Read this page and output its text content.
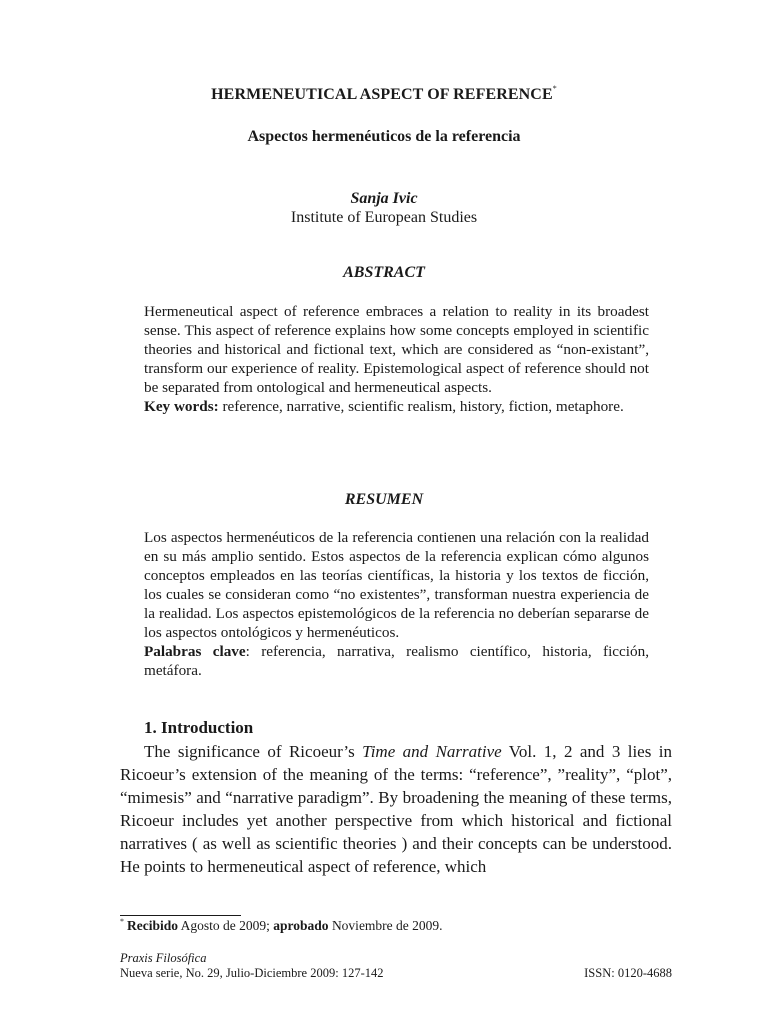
HERMENEUTICAL ASPECT OF REFERENCE*
Aspectos hermenéuticos de la referencia
Sanja Ivic
Institute of European Studies
ABSTRACT

Hermeneutical aspect of reference embraces a relation to reality in its broadest sense. This aspect of reference explains how some concepts employed in scientific theories and historical and fictional text, which are considered as “non-existant”, transform our experience of reality. Epistemological aspect of reference should not be separated from ontological and hermeneutical aspects.

Key words: reference, narrative, scientific realism, history, fiction, metaphore.

RESUMEN

Los aspectos hermenéuticos de la referencia contienen una relación con la realidad en su más amplio sentido. Estos aspectos de la referencia explican cómo algunos conceptos empleados en las teorías científicas, la historia y los textos de ficción, los cuales se consideran como “no existentes”, transforman nuestra experiencia de la realidad. Los aspectos epistemológicos de la referencia no deberían separarse de los aspectos ontológicos y hermenéuticos.

Palabras clave: referencia, narrativa, realismo científico, historia, ficción, metáfora.

1. Introduction

The significance of Ricoeur’s Time and Narrative Vol. 1, 2 and 3 lies in Ricoeur’s extension of the meaning of the terms: “reference”, ”reality”, “plot”, “mimesis” and “narrative paradigm”. By broadening the meaning of these terms, Ricoeur includes yet another perspective from which historical and fictional narratives ( as well as scientific theories ) and their concepts can be understood. He points to hermeneutical aspect of reference, which

* Recibido Agosto de 2009; aprobado Noviembre de 2009.
Praxis Filosófica
Nueva serie, No. 29, Julio-Diciembre 2009: 127-142	ISSN: 0120-4688
